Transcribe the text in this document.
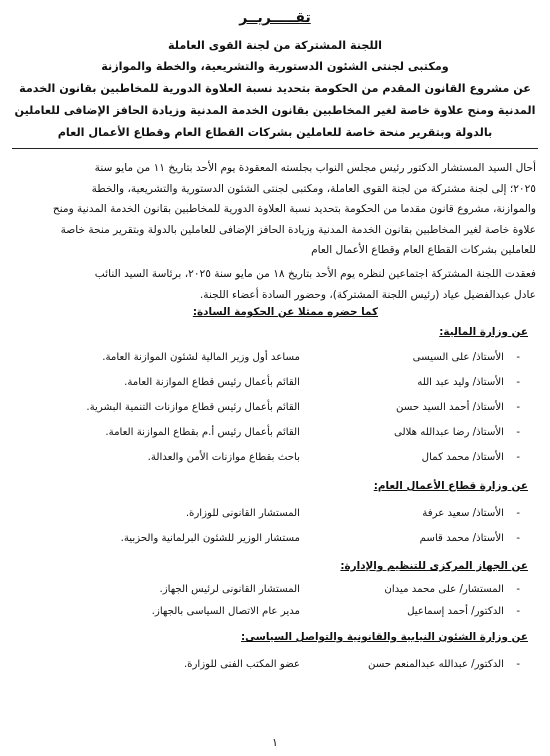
تقـــــريــر
اللجنة المشتركة من لجنة القوى العاملة
ومكتبى لجنتى الشئون الدستورية والتشريعية، والخطة والموازنة
عن مشروع القانون المقدم من الحكومة بتحديد نسبة العلاوة الدورية للمخاطبين بقانون الخدمة
المدنية ومنح علاوة خاصة لغير المخاطبين بقانون الخدمة المدنية وزيادة الحافز الإضافى للعاملين
بالدولة وبتقرير منحة خاصة للعاملين بشركات القطاع العام وقطاع الأعمال العام
أحال السيد المستشار الدكتور رئيس مجلس النواب بجلسته المعقودة يوم الأحد بتاريخ ١١ من مايو سنة
٢٠٢٥؛ إلى لجنة مشتركة من لجنة القوى العاملة، ومكتبى لجنتى الشئون الدستورية والتشريعية، والخطة
والموازنة، مشروع قانون مقدما من الحكومة بتحديد نسبة العلاوة الدورية للمخاطبين بقانون الخدمة المدنية ومنح
علاوة خاصة لغير المخاطبين بقانون الخدمة المدنية وزيادة الحافز الإضافى للعاملين بالدولة وبتقرير منحة خاصة
للعاملين بشركات القطاع العام وقطاع الأعمال العام
فعقدت اللجنة المشتركة اجتماعين لنظره يوم الأحد بتاريخ ١٨ من مايو سنة ٢٠٢٥، برئاسة السيد النائب
عادل عبدالفضيل عياد (رئيس اللجنة المشتركة)، وحضور السادة أعضاء اللجنة.
كما حضره ممثلا عن الحكومة السادة:
عن وزارة المالية:
-
الأستاذ/ على السيسى
مساعد أول وزير المالية لشئون الموازنة العامة.
-
الأستاذ/ وليد عبد الله
القائم بأعمال رئيس قطاع الموازنة العامة.
-
الأستاذ/ أحمد السيد حسن
القائم بأعمال رئيس قطاع موازنات التنمية البشرية.
-
الأستاذ/ رضا عبدالله هلالى
القائم بأعمال رئيس أ.م بقطاع الموازنة العامة.
-
الأستاذ/ محمد كمال
باحث بقطاع موازنات الأمن والعدالة.
عن وزارة قطاع الأعمال العام:
-
الأستاذ/ سعيد عرفة
المستشار القانونى للوزارة.
-
الأستاذ/ محمد قاسم
مستشار الوزير للشئون البرلمانية والحزبية.
عن الجهاز المركزى للتنظيم والإدارة:
-
المستشار/ على محمد ميدان
المستشار القانونى لرئيس الجهاز.
-
الدكتور/ أحمد إسماعيل
مدير عام الاتصال السياسى بالجهاز.
عن وزارة الشئون النيابية والقانونية والتواصل السياسى:
-
الدكتور/ عبدالله عبدالمنعم حسن
عضو المكتب الفنى للوزارة.
١
